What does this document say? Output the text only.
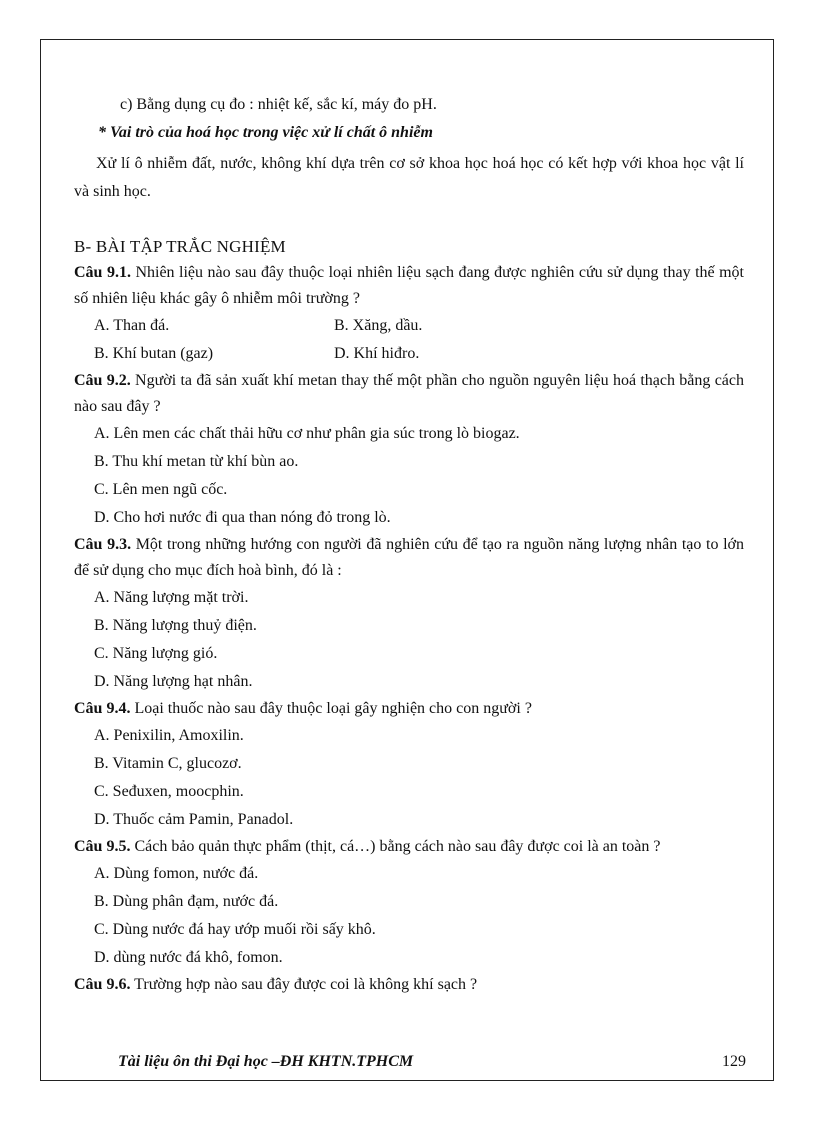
c) Bằng dụng cụ đo : nhiệt kế, sắc kí, máy đo pH.

* Vai trò của hoá học trong việc xử lí chất ô nhiễm

Xử lí ô nhiễm đất, nước, không khí dựa trên cơ sở khoa học hoá học có kết hợp với khoa học vật lí và sinh học.

B- BÀI TẬP TRẮC NGHIỆM

Câu 9.1. Nhiên liệu nào sau đây thuộc loại nhiên liệu sạch đang được nghiên cứu sử dụng thay thế một số nhiên liệu khác gây ô nhiễm môi trường ?

A. Than đá.	B. Xăng, dầu.
B. Khí butan (gaz)	D. Khí hiđro.

Câu 9.2. Người ta đã sản xuất khí metan thay thế một phần cho nguồn nguyên liệu hoá thạch bằng cách nào sau đây ?

A. Lên men các chất thải hữu cơ như phân gia súc trong lò biogaz.
B. Thu khí metan từ khí bùn ao.
C. Lên men ngũ cốc.
D. Cho hơi nước đi qua than nóng đỏ trong lò.

Câu 9.3. Một trong những hướng con người đã nghiên cứu để tạo ra nguồn năng lượng nhân tạo to lớn để sử dụng cho mục đích hoà bình, đó là :

A. Năng lượng mặt trời.
B. Năng lượng thuỷ điện.
C. Năng lượng gió.
D. Năng lượng hạt nhân.

Câu 9.4. Loại thuốc nào sau đây thuộc loại gây nghiện cho con người ?

A. Penixilin, Amoxilin.
B. Vitamin C, glucozơ.
C. Seđuxen, moocphin.
D. Thuốc cảm Pamin, Panadol.

Câu 9.5. Cách bảo quản thực phẩm (thịt, cá…) bằng cách nào sau đây được coi là an toàn ?

A. Dùng fomon, nước đá.
B. Dùng phân đạm, nước đá.
C. Dùng nước đá hay ướp muối rồi sấy khô.
D. dùng nước đá khô, fomon.

Câu 9.6. Trường hợp nào sau đây được coi là không khí sạch ?

Tài liệu ôn thi Đại học –ĐH KHTN.TPHCM	129
